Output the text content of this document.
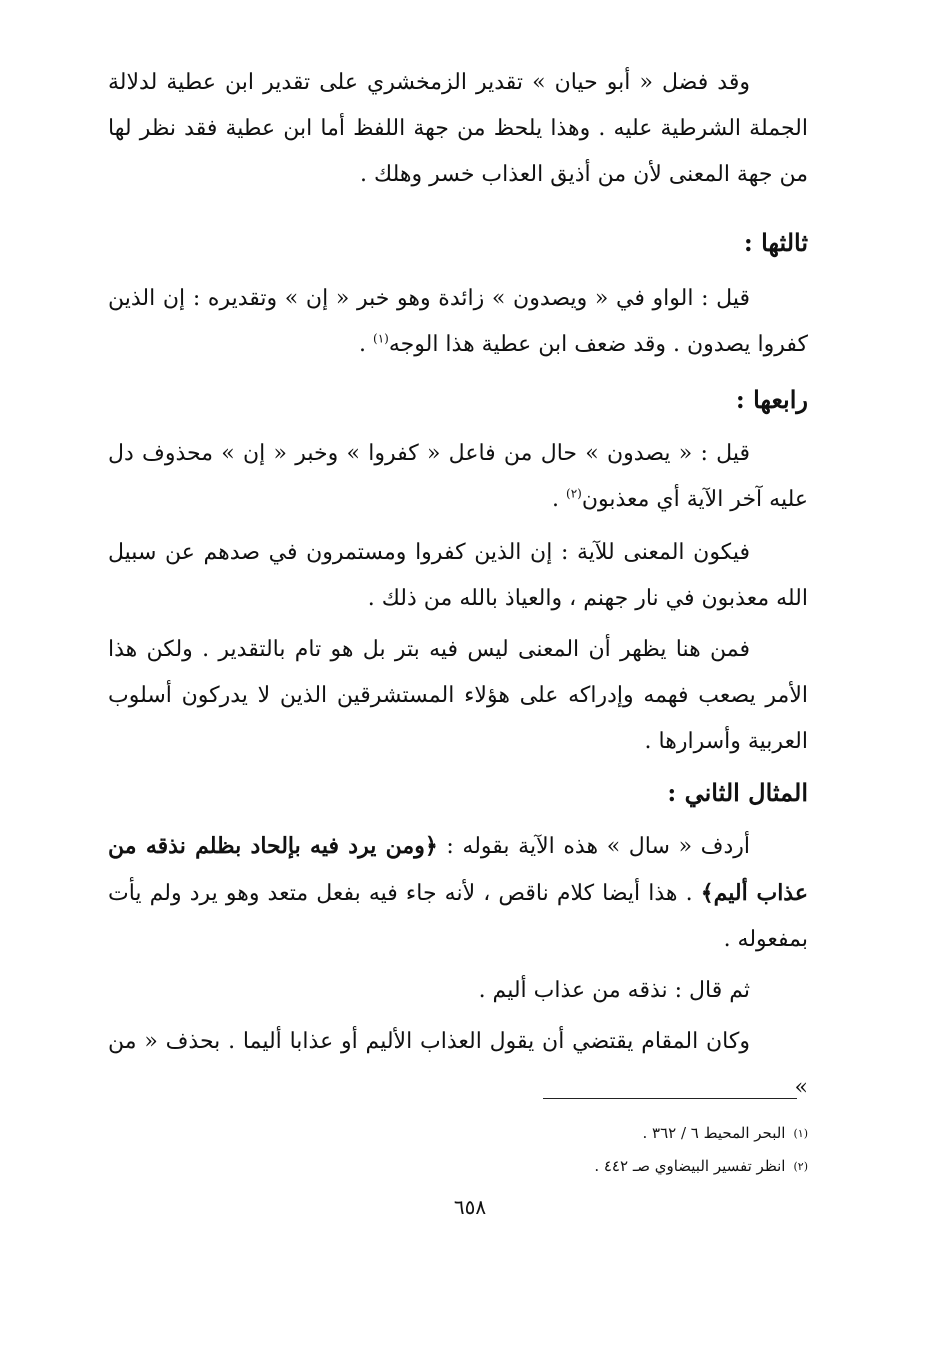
وقد فضل « أبو حيان » تقدير الزمخشري على تقدير ابن عطية لدلالة الجملة الشرطية عليه . وهذا يلحظ من جهة اللفظ أما ابن عطية فقد نظر لها من جهة المعنى لأن من أذيق العذاب خسر وهلك .

ثالثها :

قيل : الواو في « ويصدون » زائدة وهو خبر « إن » وتقديره : إن الذين كفروا يصدون . وقد ضعف ابن عطية هذا الوجه$^{(١)}$ .

رابعها :

قيل : « يصدون » حال من فاعل « كفروا » وخبر « إن » محذوف دل عليه آخر الآية أي معذبون$^{(٢)}$ .

فيكون المعنى للآية : إن الذين كفروا ومستمرون في صدهم عن سبيل الله معذبون في نار جهنم ، والعياذ بالله من ذلك .

فمن هنا يظهر أن المعنى ليس فيه بتر بل هو تام بالتقدير . ولكن هذا الأمر يصعب فهمه وإدراكه على هؤلاء المستشرقين الذين لا يدركون أسلوب العربية وأسرارها .

المثال الثاني :

أردف « سال » هذه الآية بقوله : ﴿ومن يرد فيه بإلحاد بظلم نذقه من عذاب أليم﴾ . هذا أيضا كلام ناقص ، لأنه جاء فيه بفعل متعد وهو يرد ولم يأت بمفعوله .

ثم قال : نذقه من عذاب أليم .

وكان المقام يقتضي أن يقول العذاب الأليم أو عذابا أليما . بحذف « من »

(١)البحر المحيط ٦ / ٣٦٢ .
(٢)انظر تفسير البيضاوي صـ ٤٤٢ .
٦٥٨
